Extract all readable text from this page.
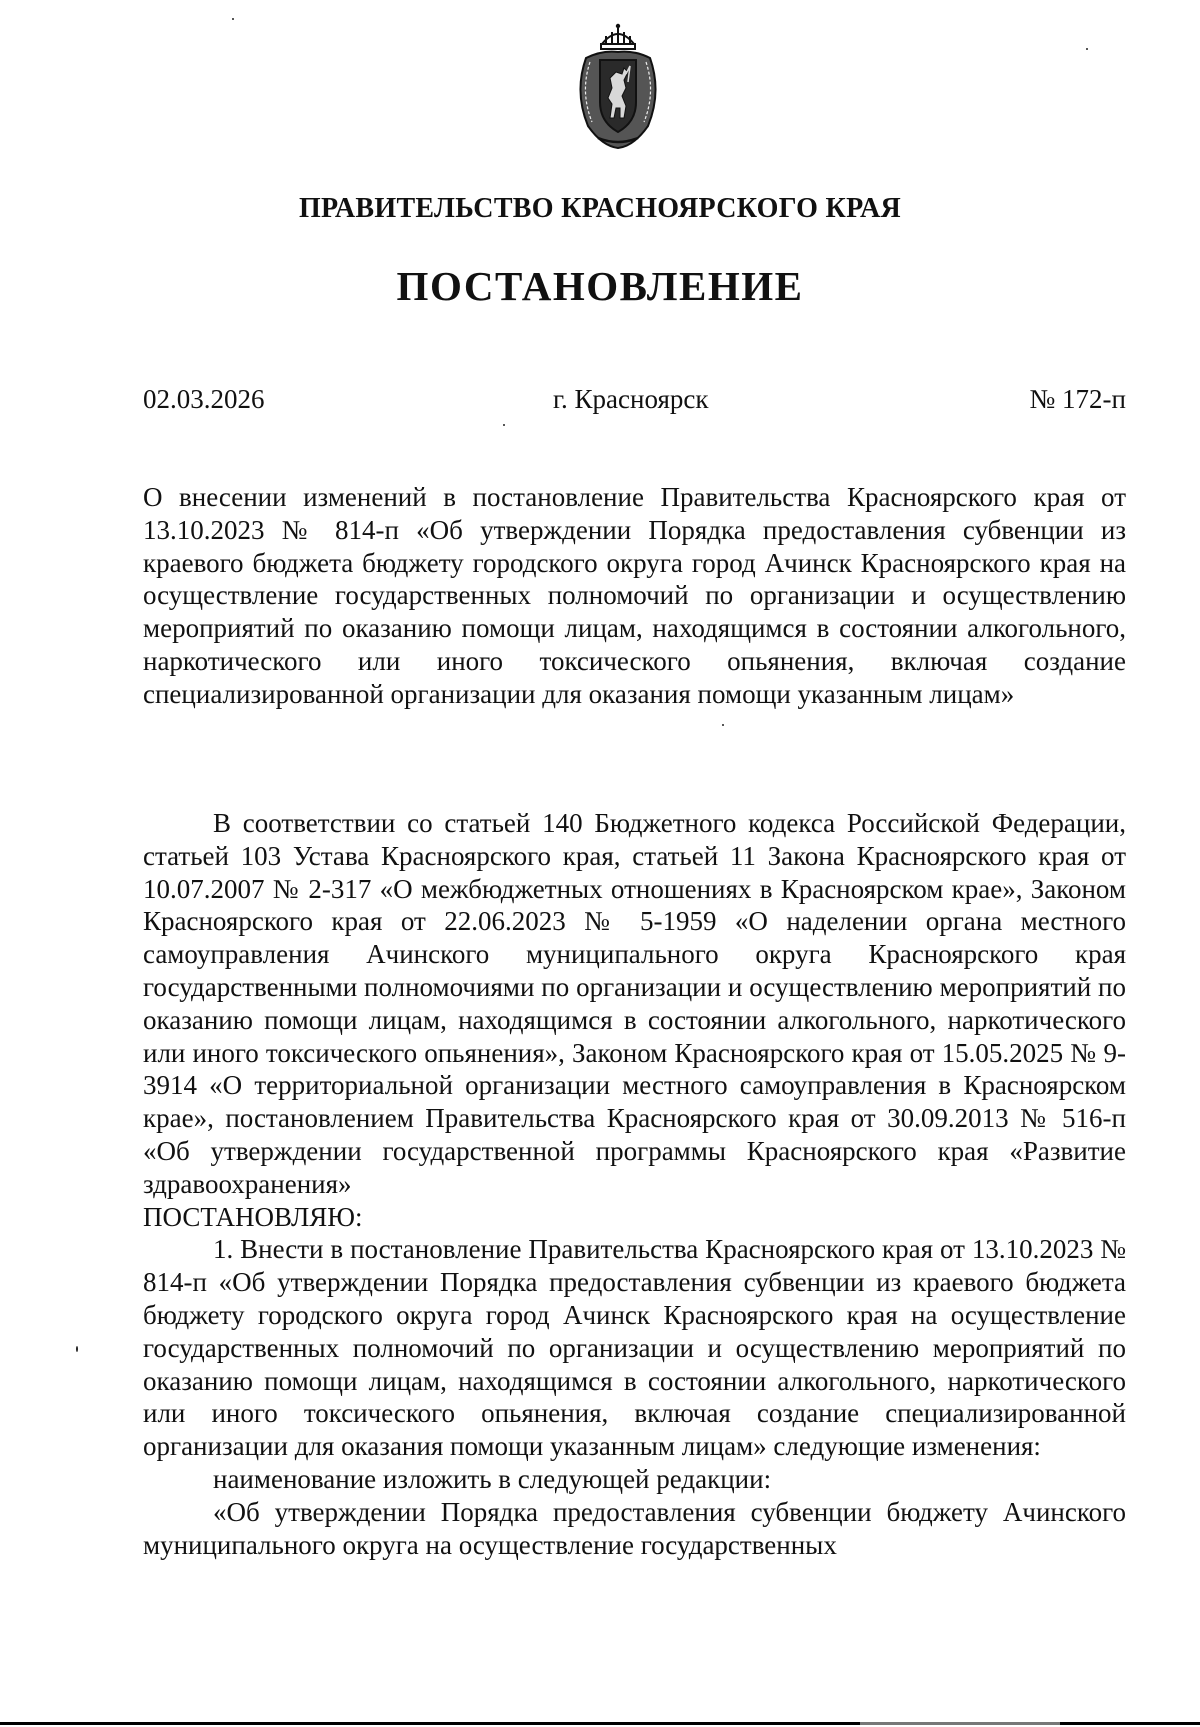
ПРАВИТЕЛЬСТВО КРАСНОЯРСКОГО КРАЯ
ПОСТАНОВЛЕНИЕ
02.03.2026	г. Красноярск	№ 172-п

О внесении изменений в постановление Правительства Красноярского края от 13.10.2023 № 814-п «Об утверждении Порядка предоставления субвенции из краевого бюджета бюджету городского округа город Ачинск Красноярского края на осуществление государственных полномочий по организации и осуществлению мероприятий по оказанию помощи лицам, находящимся в состоянии алкогольного, наркотического или иного токсического опьянения, включая создание специализированной организации для оказания помощи указанным лицам»

В соответствии со статьей 140 Бюджетного кодекса Российской Федерации, статьей 103 Устава Красноярского края, статьей 11 Закона Красноярского края от 10.07.2007 № 2-317 «О межбюджетных отношениях в Красноярском крае», Законом Красноярского края от 22.06.2023 № 5-1959 «О наделении органа местного самоуправления Ачинского муниципального округа Красноярского края государственными полномочиями по организации и осуществлению мероприятий по оказанию помощи лицам, находящимся в состоянии алкогольного, наркотического или иного токсического опьянения», Законом Красноярского края от 15.05.2025 № 9-3914 «О территориальной организации местного самоуправления в Красноярском крае», постановлением Правительства Красноярского края от 30.09.2013 № 516-п «Об утверждении государственной программы Красноярского края «Развитие здравоохранения»

ПОСТАНОВЛЯЮ:

1. Внести в постановление Правительства Красноярского края от 13.10.2023 № 814-п «Об утверждении Порядка предоставления субвенции из краевого бюджета бюджету городского округа город Ачинск Красноярского края на осуществление государственных полномочий по организации и осуществлению мероприятий по оказанию помощи лицам, находящимся в состоянии алкогольного, наркотического или иного токсического опьянения, включая создание специализированной организации для оказания помощи указанным лицам» следующие изменения:

наименование изложить в следующей редакции:

«Об утверждении Порядка предоставления субвенции бюджету Ачинского муниципального округа на осуществление государственных
